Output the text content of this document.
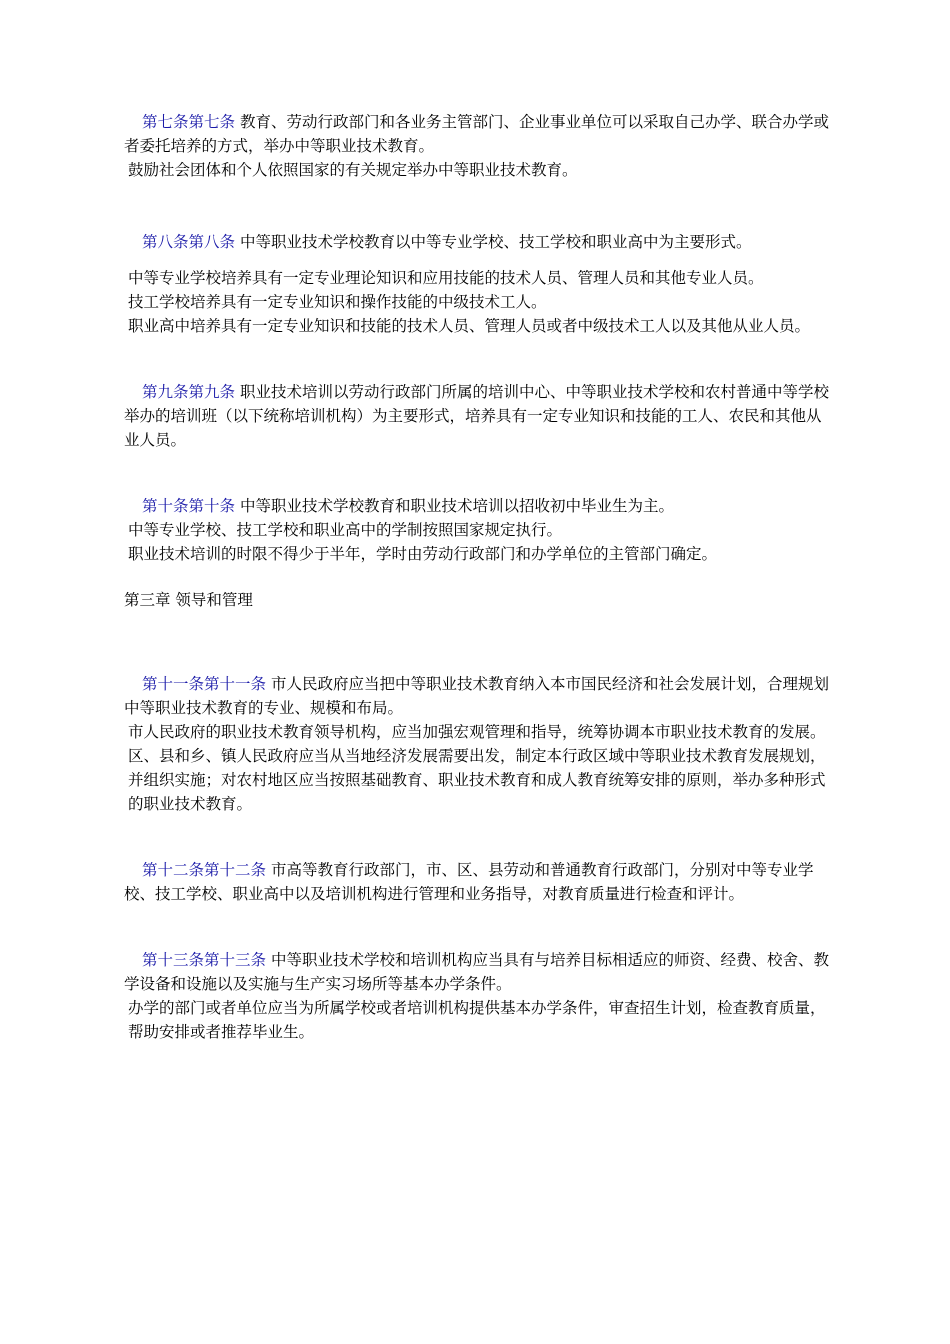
第七条第七条 教育、劳动行政部门和各业务主管部门、企业事业单位可以采取自己办学、联合办学或者委托培养的方式，举办中等职业技术教育。
鼓励社会团体和个人依照国家的有关规定举办中等职业技术教育。
第八条第八条 中等职业技术学校教育以中等专业学校、技工学校和职业高中为主要形式。
中等专业学校培养具有一定专业理论知识和应用技能的技术人员、管理人员和其他专业人员。
技工学校培养具有一定专业知识和操作技能的中级技术工人。
职业高中培养具有一定专业知识和技能的技术人员、管理人员或者中级技术工人以及其他从业人员。
第九条第九条 职业技术培训以劳动行政部门所属的培训中心、中等职业技术学校和农村普通中等学校举办的培训班（以下统称培训机构）为主要形式，培养具有一定专业知识和技能的工人、农民和其他从业人员。
第十条第十条 中等职业技术学校教育和职业技术培训以招收初中毕业生为主。
中等专业学校、技工学校和职业高中的学制按照国家规定执行。
职业技术培训的时限不得少于半年，学时由劳动行政部门和办学单位的主管部门确定。
第三章 领导和管理
第十一条第十一条 市人民政府应当把中等职业技术教育纳入本市国民经济和社会发展计划，合理规划中等职业技术教育的专业、规模和布局。
市人民政府的职业技术教育领导机构，应当加强宏观管理和指导，统筹协调本市职业技术教育的发展。
区、县和乡、镇人民政府应当从当地经济发展需要出发，制定本行政区域中等职业技术教育发展规划，并组织实施；对农村地区应当按照基础教育、职业技术教育和成人教育统筹安排的原则，举办多种形式的职业技术教育。
第十二条第十二条 市高等教育行政部门，市、区、县劳动和普通教育行政部门，分别对中等专业学校、技工学校、职业高中以及培训机构进行管理和业务指导，对教育质量进行检查和评计。
第十三条第十三条 中等职业技术学校和培训机构应当具有与培养目标相适应的师资、经费、校舍、教学设备和设施以及实施与生产实习场所等基本办学条件。
办学的部门或者单位应当为所属学校或者培训机构提供基本办学条件，审查招生计划，检查教育质量，帮助安排或者推荐毕业生。
